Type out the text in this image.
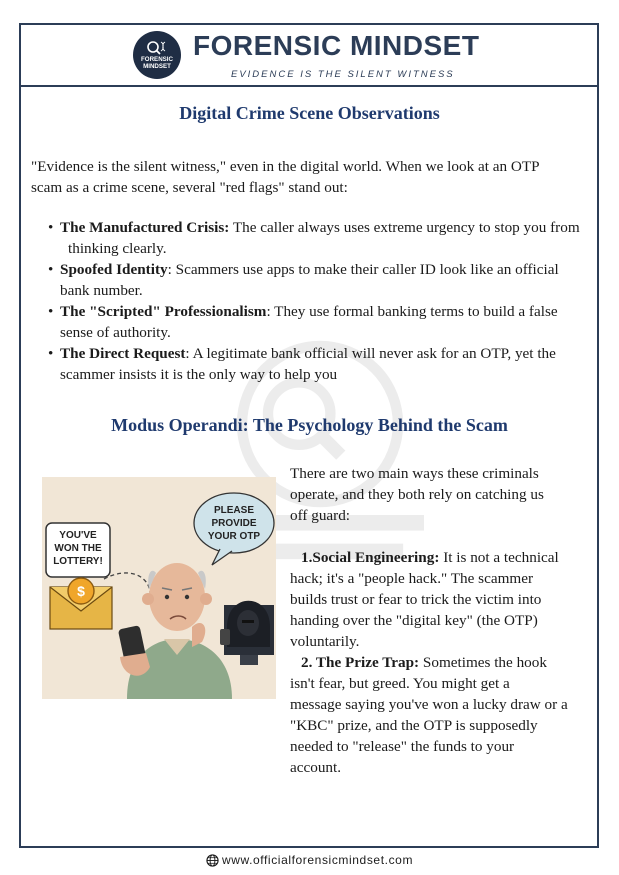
FORENSIC
MINDSET
FORENSIC MINDSET
EVIDENCE IS THE SILENT WITNESS
Digital Crime Scene Observations
"Evidence is the silent witness," even in the digital world. When we look at an OTP
scam as a crime scene, several "red flags" stand out:
• The Manufactured Crisis: The caller always uses extreme urgency to stop you from
thinking clearly.
• Spoofed Identity: Scammers use apps to make their caller ID look like an official
bank number.
• The "Scripted" Professionalism: They use formal banking terms to build a false
sense of authority.
• The Direct Request: A legitimate bank official will never ask for an OTP, yet the
scammer insists it is the only way to help you
Modus Operandi: The Psychology Behind the Scam
YOU'VE
WON THE
LOTTERY!
$
PLEASE
PROVIDE
YOUR OTP
There are two main ways these criminals
operate, and they both rely on catching us
off guard:
1.Social Engineering: It is not a technical
hack; it's a "people hack." The scammer
builds trust or fear to trick the victim into
handing over the "digital key" (the OTP)
voluntarily.
2. The Prize Trap: Sometimes the hook
isn't fear, but greed. You might get a
message saying you've won a lucky draw or a
"KBC" prize, and the OTP is supposedly
needed to "release" the funds to your
account.
www.officialforensicmindset.com
